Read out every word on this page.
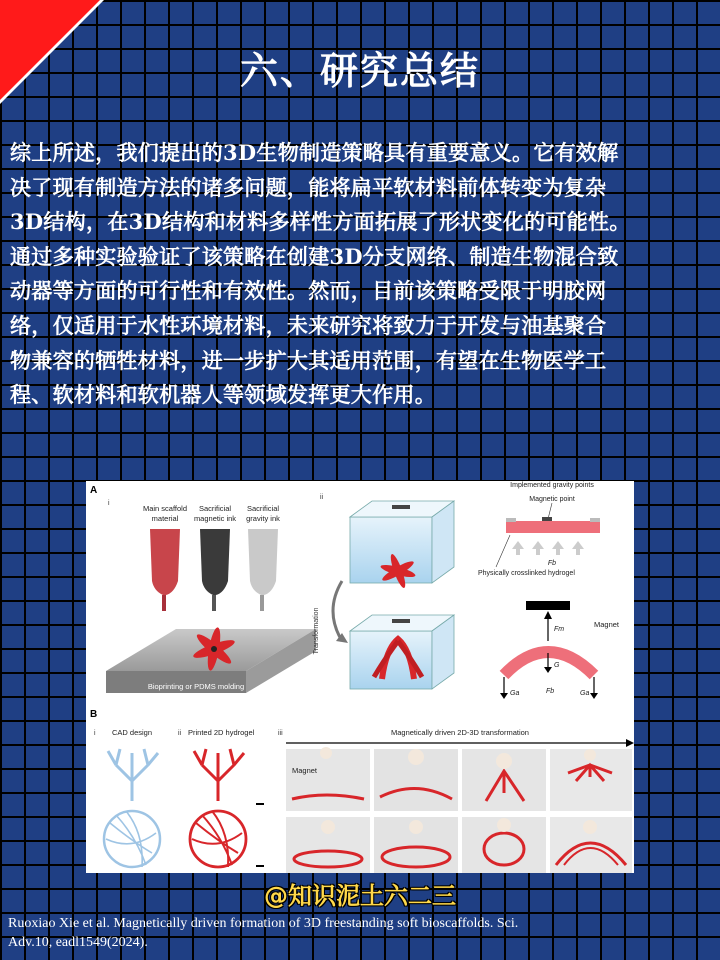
六、研究总结
综上所述，我们提出的3D生物制造策略具有重要意义。它有效解
决了现有制造方法的诸多问题，能将扁平软材料前体转变为复杂
3D结构，在3D结构和材料多样性方面拓展了形状变化的可能性。
通过多种实验验证了该策略在创建3D分支网络、制造生物混合致
动器等方面的可行性和有效性。然而，目前该策略受限于明胶网
络，仅适用于水性环境材料，未来研究将致力于开发与油基聚合
物兼容的牺牲材料，进一步扩大其适用范围，有望在生物医学工
程、软材料和软机器人等领域发挥更大作用。
A
i
ii
Main scaffold
material
Sacrificial
magnetic ink
Sacrificial
gravity ink
Bioprinting or PDMS molding
Transformation
Implemented gravity points
Magnetic point
Fb
Physically crosslinked hydrogel
Magnet
Fm
G
Ga	Ga
Fb
B
i CAD design	ii Printed 2D hydrogel	iii	Magnetically driven 2D-3D transformation
Magnet
@知识泥土六二三
Ruoxiao Xie et al. Magnetically driven formation of 3D freestanding soft bioscaffolds. Sci.
Adv.10, eadl1549(2024).
